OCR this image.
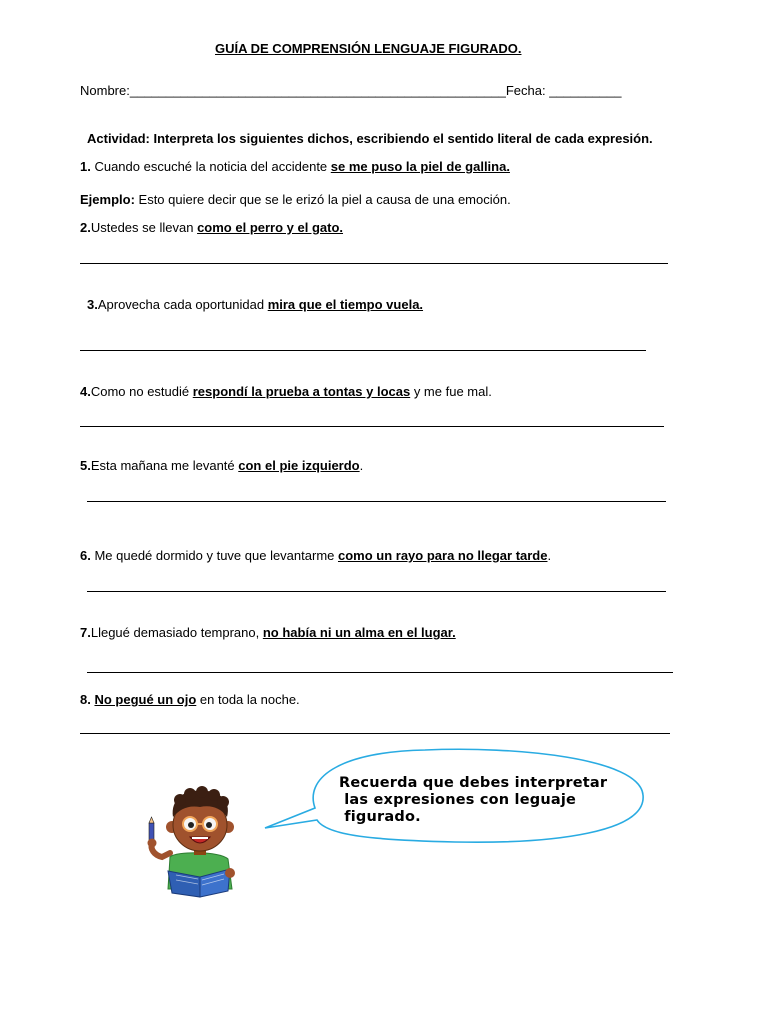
GUÍA DE COMPRENSIÓN LENGUAJE FIGURADO.
Nombre:____________________________________________________Fecha: __________
Actividad: Interpreta los siguientes dichos, escribiendo el sentido literal de cada expresión.
1. Cuando escuché la noticia del accidente se me puso la piel de gallina.
Ejemplo: Esto quiere decir que se le erizó la piel a causa de una emoción.
2.Ustedes se llevan como el perro y el gato.
3.Aprovecha cada oportunidad mira que el tiempo vuela.
4.Como no estudié respondí la prueba a tontas y locas y me fue mal.
5.Esta mañana me levanté con el pie izquierdo.
6. Me quedé dormido y tuve que levantarme como un rayo para no llegar tarde.
7.Llegué demasiado temprano, no había ni un alma en el lugar.
8. No pegué un ojo en toda la noche.
Recuerda que debes interpretar
las expresiones con leguaje
figurado.
